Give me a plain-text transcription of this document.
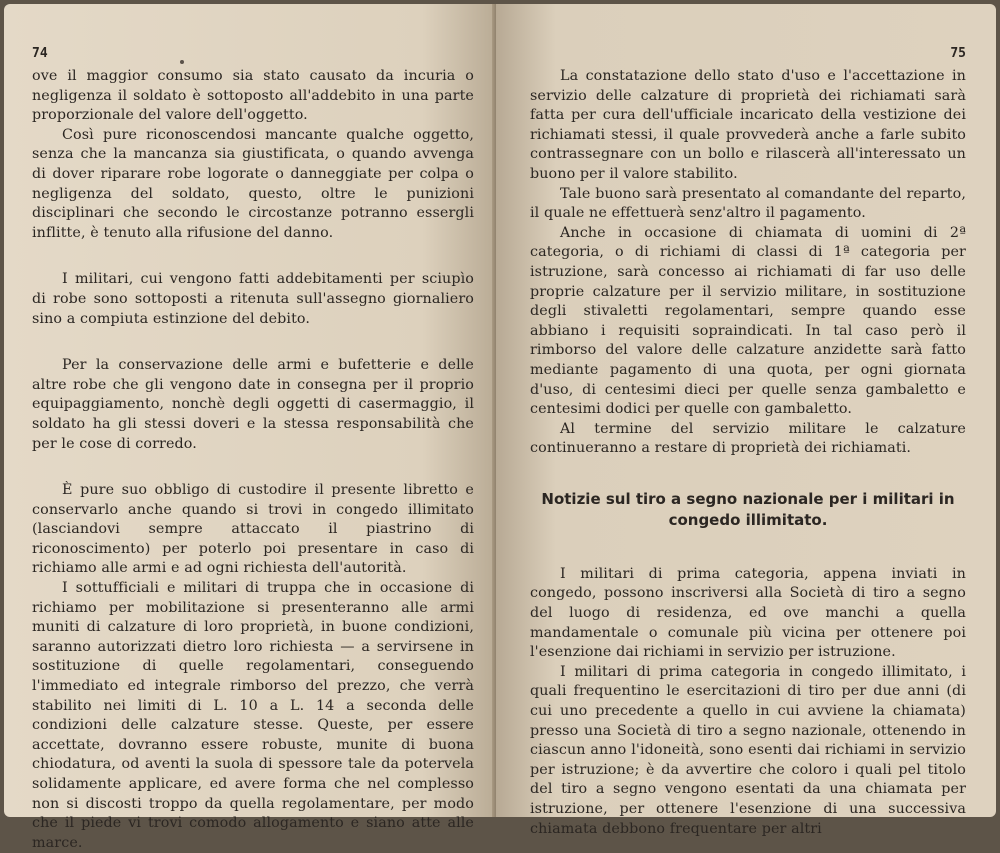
74

ove il maggior consumo sia stato causato da incuria o negligenza il soldato è sottoposto all'addebito in una parte proporzionale del valore dell'oggetto.

Così pure riconoscendosi mancante qualche oggetto, senza che la mancanza sia giustificata, o quando avvenga di dover riparare robe logorate o danneggiate per colpa o negligenza del soldato, questo, oltre le punizioni disciplinari che secondo le circostanze potranno essergli inflitte, è tenuto alla rifusione del danno.

I militari, cui vengono fatti addebitamenti per sciupìo di robe sono sottoposti a ritenuta sull'assegno giornaliero sino a compiuta estinzione del debito.

Per la conservazione delle armi e bufetterie e delle altre robe che gli vengono date in consegna per il proprio equipaggiamento, nonchè degli oggetti di casermaggio, il soldato ha gli stessi doveri e la stessa responsabilità che per le cose di corredo.

È pure suo obbligo di custodire il presente libretto e conservarlo anche quando si trovi in congedo illimitato (lasciandovi sempre attaccato il piastrino di riconoscimento) per poterlo poi presentare in caso di richiamo alle armi e ad ogni richiesta dell'autorità.

I sottufficiali e militari di truppa che in occasione di richiamo per mobilitazione si presenteranno alle armi muniti di calzature di loro proprietà, in buone condizioni, saranno autorizzati dietro loro richiesta — a servirsene in sostituzione di quelle regolamentari, conseguendo l'immediato ed integrale rimborso del prezzo, che verrà stabilito nei limiti di L. 10 a L. 14 a seconda delle condizioni delle calzature stesse. Queste, per essere accettate, dovranno essere robuste, munite di buona chiodatura, od aventi la suola di spessore tale da potervela solidamente applicare, ed avere forma che nel complesso non si discosti troppo da quella regolamentare, per modo che il piede vi trovi comodo allogamento e siano atte alle marce.

75

La constatazione dello stato d'uso e l'accettazione in servizio delle calzature di proprietà dei richiamati sarà fatta per cura dell'ufficiale incaricato della vestizione dei richiamati stessi, il quale provvederà anche a farle subito contrassegnare con un bollo e rilascerà all'interessato un buono per il valore stabilito.

Tale buono sarà presentato al comandante del reparto, il quale ne effettuerà senz'altro il pagamento.

Anche in occasione di chiamata di uomini di 2ª categoria, o di richiami di classi di 1ª categoria per istruzione, sarà concesso ai richiamati di far uso delle proprie calzature per il servizio militare, in sostituzione degli stivaletti regolamentari, sempre quando esse abbiano i requisiti sopraindicati. In tal caso però il rimborso del valore delle calzature anzidette sarà fatto mediante pagamento di una quota, per ogni giornata d'uso, di centesimi dieci per quelle senza gambaletto e centesimi dodici per quelle con gambaletto.

Al termine del servizio militare le calzature continueranno a restare di proprietà dei richiamati.

Notizie sul tiro a segno nazionale per i militari in congedo illimitato.

I militari di prima categoria, appena inviati in congedo, possono inscriversi alla Società di tiro a segno del luogo di residenza, ed ove manchi a quella mandamentale o comunale più vicina per ottenere poi l'esenzione dai richiami in servizio per istruzione.

I militari di prima categoria in congedo illimitato, i quali frequentino le esercitazioni di tiro per due anni (di cui uno precedente a quello in cui avviene la chiamata) presso una Società di tiro a segno nazionale, ottenendo in ciascun anno l'idoneità, sono esenti dai richiami in servizio per istruzione; è da avvertire che coloro i quali pel titolo del tiro a segno vengono esentati da una chiamata per istruzione, per ottenere l'esenzione di una successiva chiamata debbono frequentare per altri
